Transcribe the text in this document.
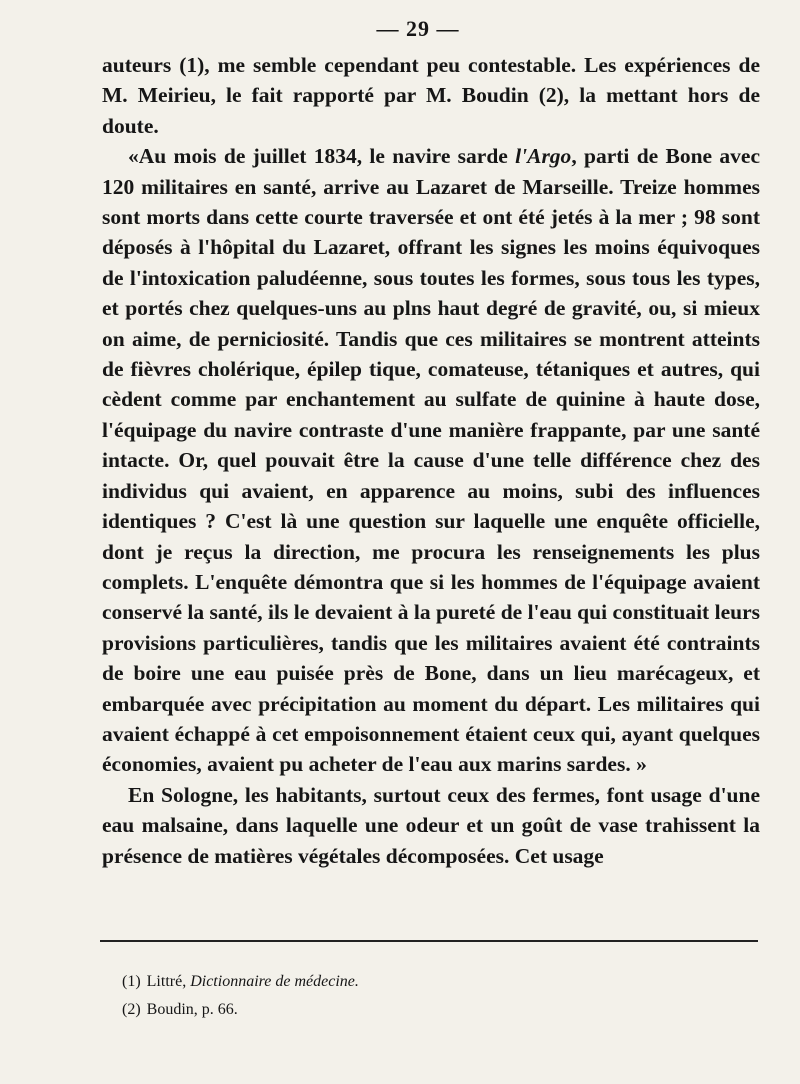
— 29 —

auteurs (1), me semble cependant peu contestable. Les expériences de M. Meirieu, le fait rapporté par M. Boudin (2), la mettant hors de doute.

«Au mois de juillet 1834, le navire sarde l'Argo, parti de Bone avec 120 militaires en santé, arrive au Lazaret de Marseille. Treize hommes sont morts dans cette courte traversée et ont été jetés à la mer ; 98 sont déposés à l'hôpital du Lazaret, offrant les signes les moins équivoques de l'intoxication paludéenne, sous toutes les formes, sous tous les types, et portés chez quelques-uns au plns haut degré de gravité, ou, si mieux on aime, de perniciosité. Tandis que ces militaires se montrent atteints de fièvres cholérique, épilep tique, comateuse, tétaniques et autres, qui cèdent comme par enchantement au sulfate de quinine à haute dose, l'équipage du navire contraste d'une manière frappante, par une santé intacte. Or, quel pouvait être la cause d'une telle différence chez des individus qui avaient, en apparence au moins, subi des influences identiques ? C'est là une question sur laquelle une enquête officielle, dont je reçus la direction, me procura les renseignements les plus complets. L'enquête démontra que si les hommes de l'équipage avaient conservé la santé, ils le devaient à la pureté de l'eau qui constituait leurs provisions particulières, tandis que les militaires avaient été contraints de boire une eau puisée près de Bone, dans un lieu marécageux, et embarquée avec précipitation au moment du départ. Les militaires qui avaient échappé à cet empoisonnement étaient ceux qui, ayant quelques économies, avaient pu acheter de l'eau aux marins sardes. »

En Sologne, les habitants, surtout ceux des fermes, font usage d'une eau malsaine, dans laquelle une odeur et un goût de vase trahissent la présence de matières végétales décomposées. Cet usage

(1) Littré, Dictionnaire de médecine.

(2) Boudin, p. 66.
